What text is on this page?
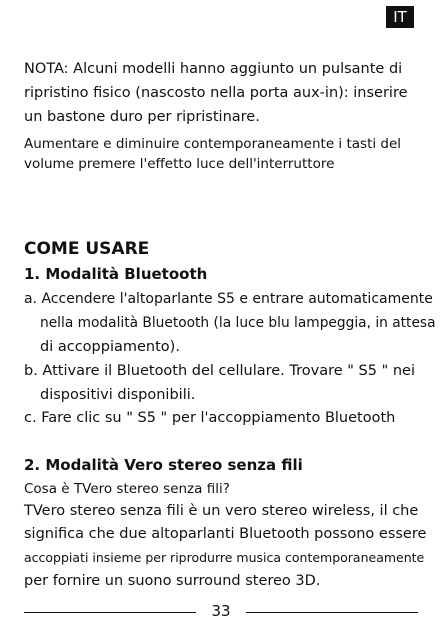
IT
NOTA: Alcuni modelli hanno aggiunto un pulsante di
ripristino fisico (nascosto nella porta aux-in): inserire
un bastone duro per ripristinare.
Aumentare e diminuire contemporaneamente i tasti del
volume premere l'effetto luce dell'interruttore
COME USARE
1. Modalità Bluetooth
a. Accendere l'altoparlante S5 e entrare automaticamente
nella modalità Bluetooth (la luce blu lampeggia, in attesa
di accoppiamento).
b. Attivare il Bluetooth del cellulare. Trovare " S5 " nei
dispositivi disponibili.
c. Fare clic su " S5 " per l'accoppiamento Bluetooth
2. Modalità Vero stereo senza fili
Cosa è TVero stereo senza fili?
TVero stereo senza fili è un vero stereo wireless, il che
significa che due altoparlanti Bluetooth possono essere
accoppiati insieme per riprodurre musica contemporaneamente
per fornire un suono surround stereo 3D.
33
